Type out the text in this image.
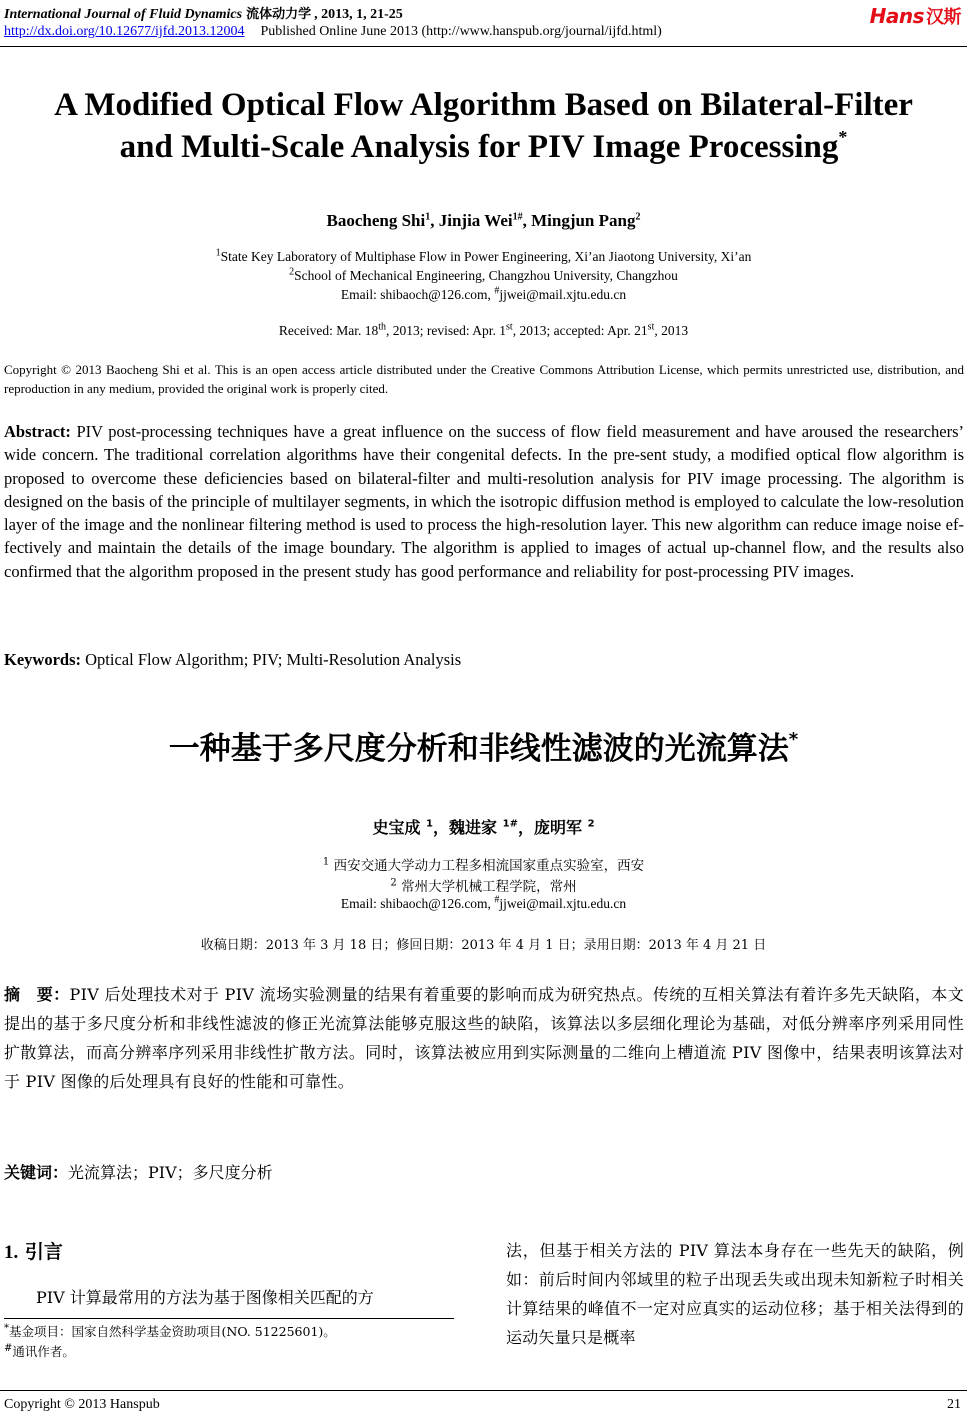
International Journal of Fluid Dynamics 流体动力学 , 2013, 1, 21-25
http://dx.doi.org/10.12677/ijfd.2013.12004 Published Online June 2013 (http://www.hanspub.org/journal/ijfd.html)
Hans 汉斯
A Modified Optical Flow Algorithm Based on Bilateral-Filter
and Multi-Scale Analysis for PIV Image Processing*
Baocheng Shi$^1$, Jinjia Wei$^{1\#}$, Mingjun Pang$^2$
$^1$State Key Laboratory of Multiphase Flow in Power Engineering, Xi’an Jiaotong University, Xi’an
$^2$School of Mechanical Engineering, Changzhou University, Changzhou
Email: shibaoch@126.com, #jjwei@mail.xjtu.edu.cn
Received: Mar. 18th, 2013; revised: Apr. 1st, 2013; accepted: Apr. 21st, 2013
Copyright © 2013 Baocheng Shi et al. This is an open access article distributed under the Creative Commons Attribution License, which permits unrestricted use, distribution, and reproduction in any medium, provided the original work is properly cited.
Abstract: PIV post-processing techniques have a great influence on the success of flow field measurement and have aroused the researchers’ wide concern. The traditional correlation algorithms have their congenital defects. In the pre-sent study, a modified optical flow algorithm is proposed to overcome these deficiencies based on bilateral-filter and multi-resolution analysis for PIV image processing. The algorithm is designed on the basis of the principle of multilayer segments, in which the isotropic diffusion method is employed to calculate the low-resolution layer of the image and the nonlinear filtering method is used to process the high-resolution layer. This new algorithm can reduce image noise ef-fectively and maintain the details of the image boundary. The algorithm is applied to images of actual up-channel flow, and the results also confirmed that the algorithm proposed in the present study has good performance and reliability for post-processing PIV images.
Keywords: Optical Flow Algorithm; PIV; Multi-Resolution Analysis
一种基于多尺度分析和非线性滤波的光流算法*
史宝成 $^1$，魏进家 $^{1\#}$，庞明军 $^2$
$^1$ 西安交通大学动力工程多相流国家重点实验室，西安
$^2$ 常州大学机械工程学院，常州
Email: shibaoch@126.com, #jjwei@mail.xjtu.edu.cn
收稿日期：2013 年 3 月 18 日；修回日期：2013 年 4 月 1 日；录用日期：2013 年 4 月 21 日
摘　要：PIV 后处理技术对于 PIV 流场实验测量的结果有着重要的影响而成为研究热点。传统的互相关算法有着许多先天缺陷，本文提出的基于多尺度分析和非线性滤波的修正光流算法能够克服这些的缺陷，该算法以多层细化理论为基础，对低分辨率序列采用同性扩散算法，而高分辨率序列采用非线性扩散方法。同时，该算法被应用到实际测量的二维向上槽道流 PIV 图像中，结果表明该算法对于 PIV 图像的后处理具有良好的性能和可靠性。
关键词：光流算法；PIV；多尺度分析
1. 引言

PIV 计算最常用的方法为基于图像相关匹配的方

*基金项目：国家自然科学基金资助项目(NO. 51225601)。
#通讯作者。
法，但基于相关方法的 PIV 算法本身存在一些先天的缺陷，例如：前后时间内邻域里的粒子出现丢失或出现未知新粒子时相关计算结果的峰值不一定对应真实的运动位移；基于相关法得到的运动矢量只是概率
Copyright © 2013 Hanspub	21
